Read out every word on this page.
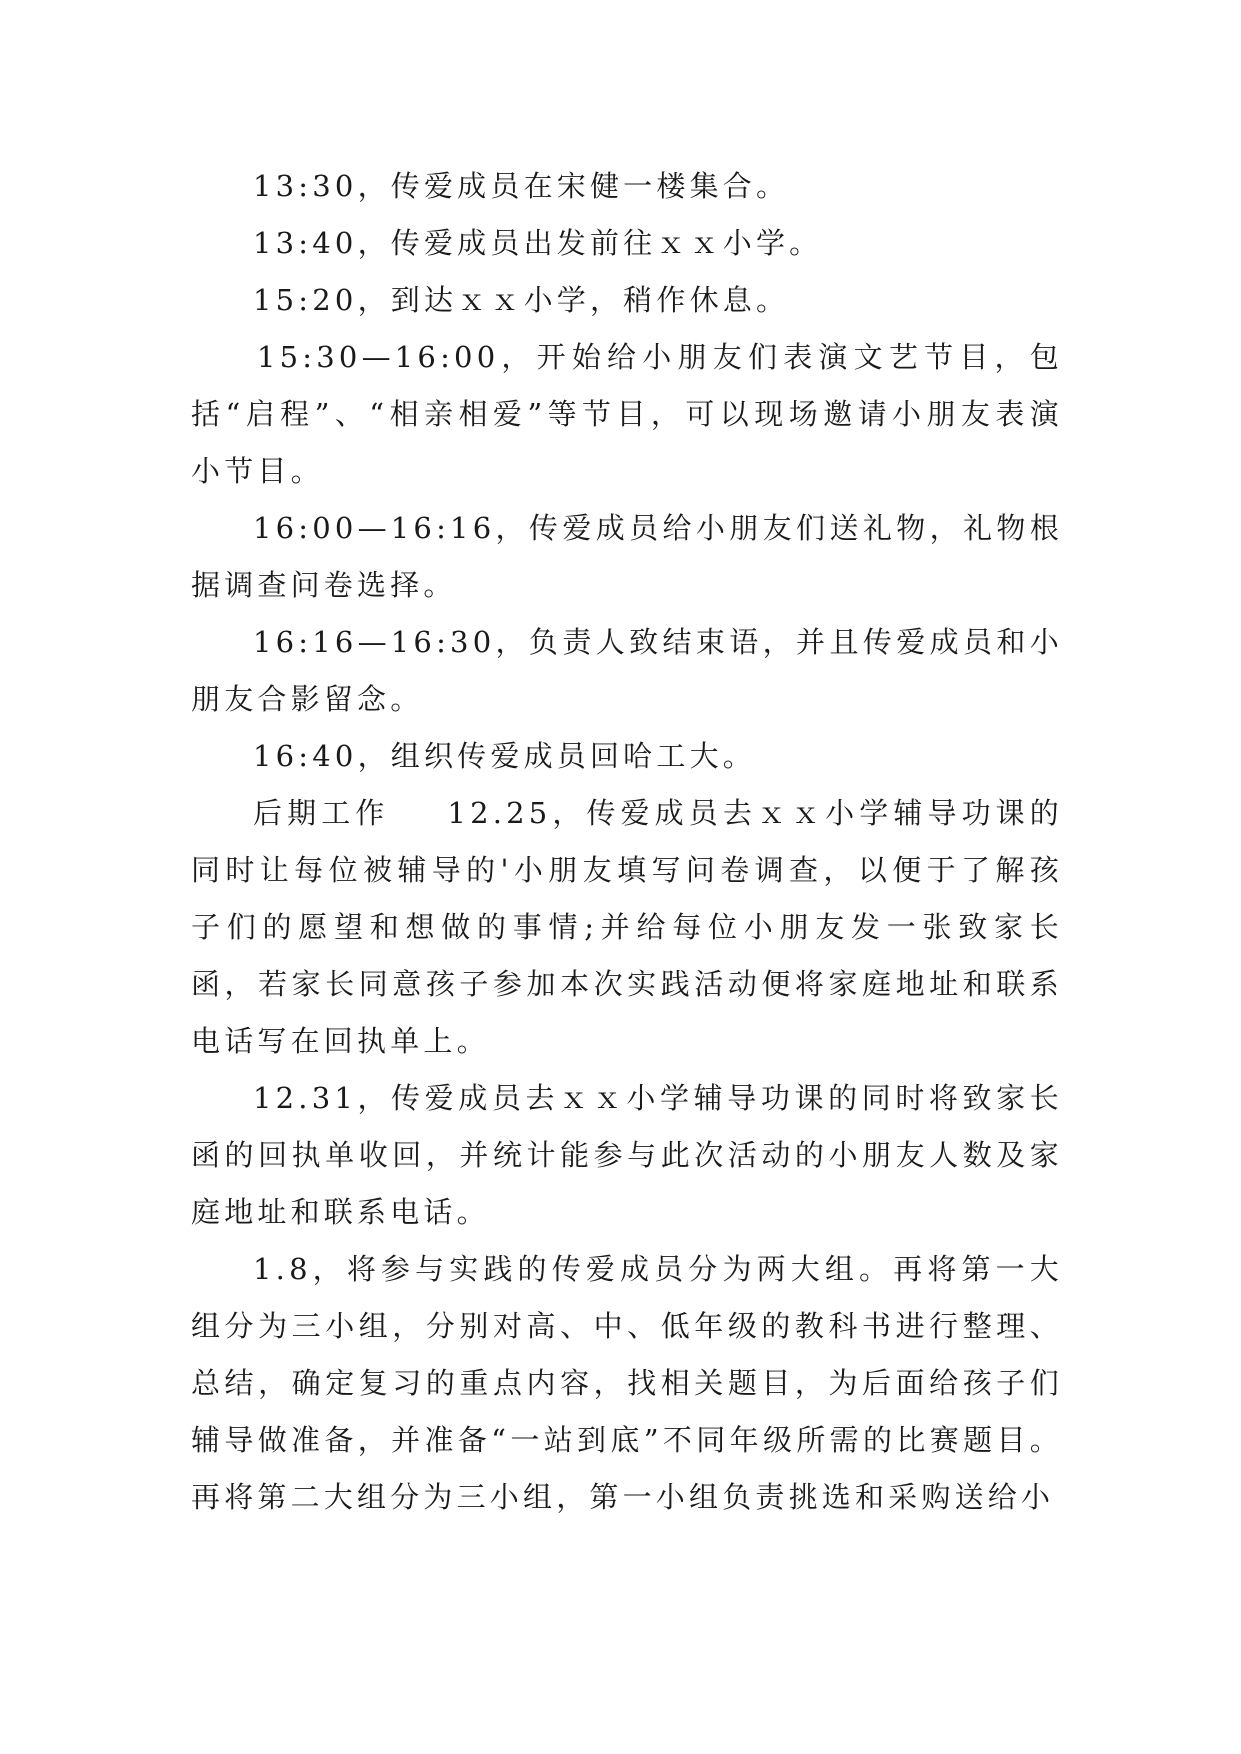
13:30，传爱成员在宋健一楼集合。

13:40，传爱成员出发前往ｘｘ小学。

15:20，到达ｘｘ小学，稍作休息。

15:30—16:00，开始给小朋友们表演文艺节目，包括“启程”、“相亲相爱”等节目，可以现场邀请小朋友表演小节目。

16:00—16:16，传爱成员给小朋友们送礼物，礼物根据调查问卷选择。

16:16—16:30，负责人致结束语，并且传爱成员和小朋友合影留念。

16:40，组织传爱成员回哈工大。

后期工作 12.25，传爱成员去ｘｘ小学辅导功课的同时让每位被辅导的'小朋友填写问卷调查，以便于了解孩子们的愿望和想做的事情;并给每位小朋友发一张致家长函，若家长同意孩子参加本次实践活动便将家庭地址和联系电话写在回执单上。

12.31，传爱成员去ｘｘ小学辅导功课的同时将致家长函的回执单收回，并统计能参与此次活动的小朋友人数及家庭地址和联系电话。

1.8，将参与实践的传爱成员分为两大组。再将第一大组分为三小组，分别对高、中、低年级的教科书进行整理、总结，确定复习的重点内容，找相关题目，为后面给孩子们辅导做准备，并准备“一站到底”不同年级所需的比赛题目。再将第二大组分为三小组，第一小组负责挑选和采购送给小
